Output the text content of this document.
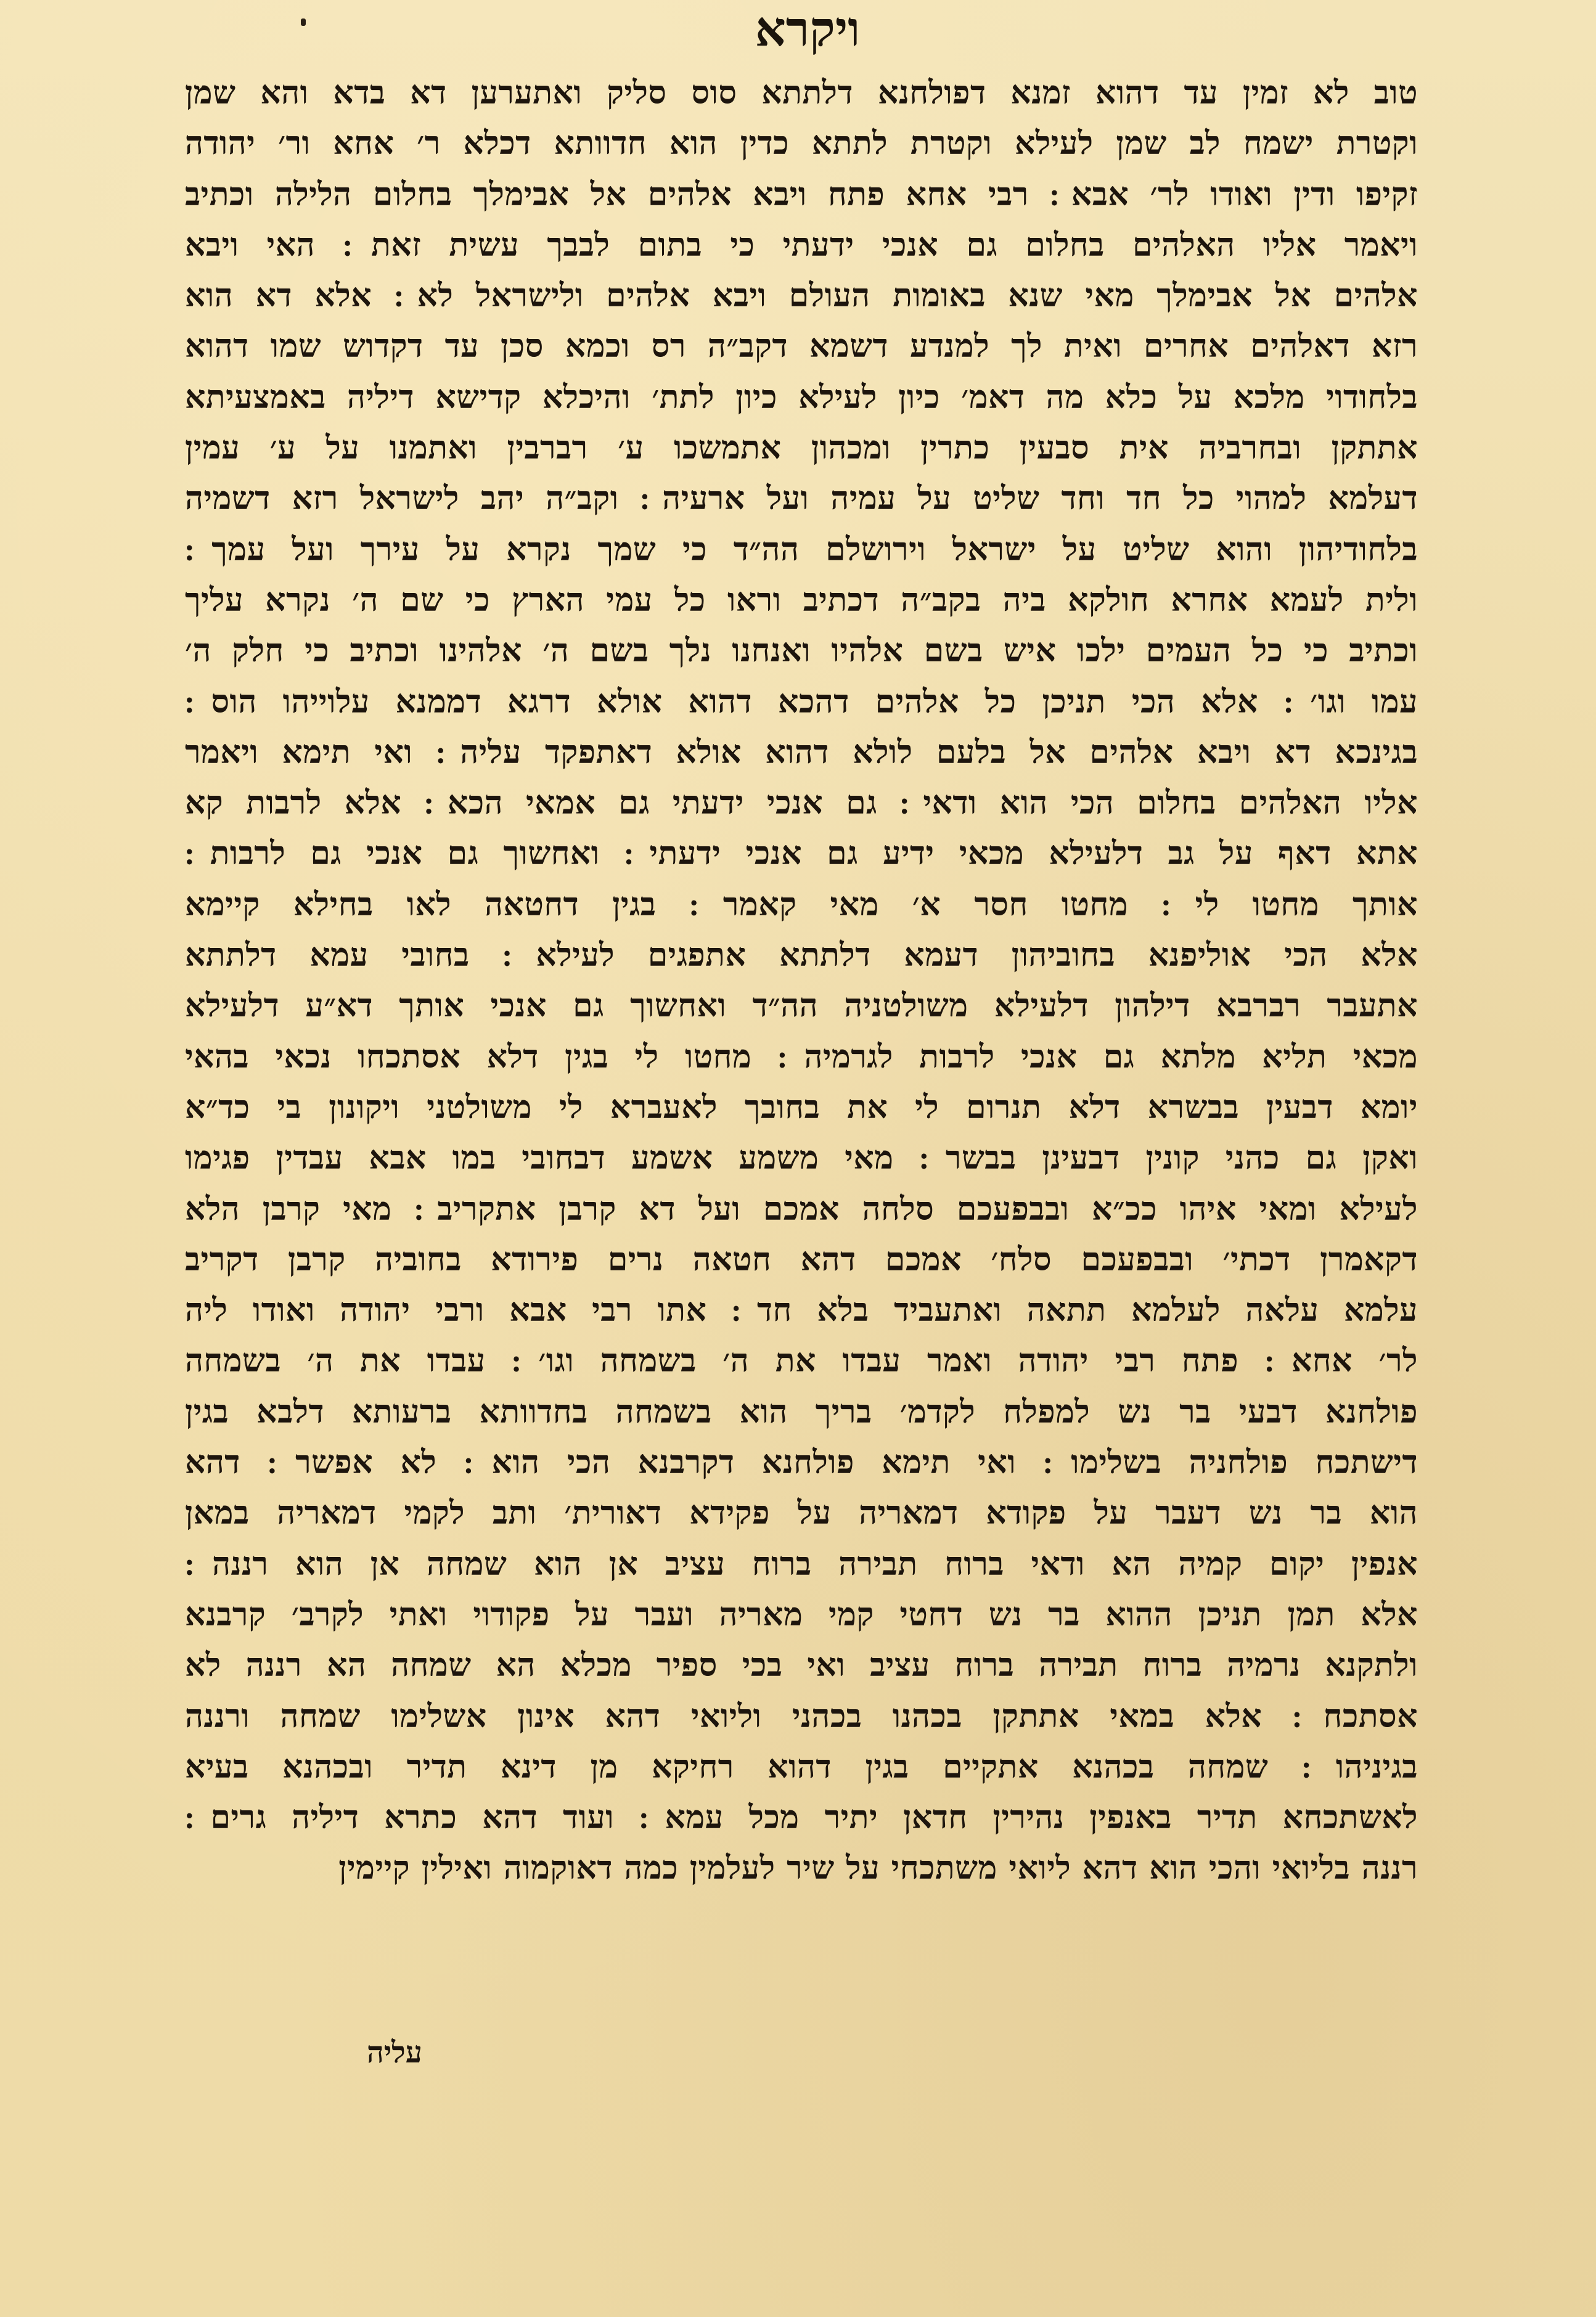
ויקרא
טוב לא זמין עד דהוא זמנא דפולחנא דלתתא סוס סליק ואתערען דא בדא והא שמן
וקטרת ישמח לב שמן לעילא וקטרת לתתא כדין הוא חדוותא דכלא ר׳ אחא ור׳ יהודה
זקיפו ודין ואודו לר׳ אבא ׃ רבי אחא פתח ויבא אלהים אל אבימלך בחלום הלילה וכתיב
ויאמר אליו האלהים בחלום גם אנכי ידעתי כי בתום לבבך עשית זאת ׃ האי ויבא
אלהים אל אבימלך מאי שנא באומות העולם ויבא אלהים ולישראל לא ׃ אלא דא הוא
רזא דאלהים אחרים ואית לך למנדע דשמא דקב״ה רס וכמא סכן עד דקדוש שמו דהוא
בלחודוי מלכא על כלא מה דאמ׳ כיון לעילא כיון לתת׳ והיכלא קדישא דיליה באמצעיתא
אתתקן ובחרביה אית סבעין כתרין ומכהון אתמשכו ע׳ רברבין ואתמנו על ע׳ עמין
דעלמא למהוי כל חד וחד שליט על עמיה ועל ארעיה ׃ וקב״ה יהב לישראל רזא דשמיה
בלחודיהון והוא שליט על ישראל וירושלם הה״ד כי שמך נקרא על עירך ועל עמך ׃
ולית לעמא אחרא חולקא ביה בקב״ה דכתיב וראו כל עמי הארץ כי שם ה׳ נקרא עליך
וכתיב כי כל העמים ילכו איש בשם אלהיו ואנחנו נלך בשם ה׳ אלהינו וכתיב כי חלק ה׳
עמו וגו׳ ׃ אלא הכי תניכן כל אלהים דהכא דהוא אולא דרגא דממנא עלוייהו הוס ׃
בגינכא דא ויבא אלהים אל בלעם לולא דהוא אולא דאתפקד עליה ׃ ואי תימא ויאמר
אליו האלהים בחלום הכי הוא ודאי ׃ גם אנכי ידעתי גם אמאי הכא ׃ אלא לרבות קא
אתא דאף על גב דלעילא מכאי ידיע גם אנכי ידעתי ׃ ואחשוך גם אנכי גם לרבות ׃
אותך מחטו לי ׃ מחטו חסר א׳ מאי קאמר ׃ בגין דחטאה לאו בחילא קיימא
אלא הכי אוליפנא בחוביהון דעמא דלתתא אתפגים לעילא ׃ בחובי עמא דלתתא
אתעבר רברבא דילהון דלעילא משולטניה הה״ד ואחשוך גם אנכי אותך דא״ע דלעילא
מכאי תליא מלתא גם אנכי לרבות לגרמיה ׃ מחטו לי בגין דלא אסתכחו נכאי בהאי
יומא דבעין בבשרא דלא תנרום לי את בחובך לאעברא לי משולטני ויקונון בי כד״א
ואקן גם כהני קונין דבעינן בבשר ׃ מאי משמע אשמע דבחובי במו אבא עבדין פגימו
לעילא ומאי איהו ככ״א ובבפעכם סלחה אמכם ועל דא קרבן אתקריב ׃ מאי קרבן הלא
דקאמרן דכתי׳ ובבפעכם סלח׳ אמכם דהא חטאה נרים פירודא בחוביה קרבן דקריב
עלמא עלאה לעלמא תתאה ואתעביד בלא חד ׃ אתו רבי אבא ורבי יהודה ואודו ליה
לר׳ אחא ׃ פתח רבי יהודה ואמר עבדו את ה׳ בשמחה וגו׳ ׃ עבדו את ה׳ בשמחה
פולחנא דבעי בר נש למפלח לקדמ׳ בריך הוא בשמחה בחדוותא ברעותא דלבא בגין
דישתכח פולחניה בשלימו ׃ ואי תימא פולחנא דקרבנא הכי הוא ׃ לא אפשר ׃ דהא
הוא בר נש דעבר על פקודא דמאריה על פקידא דאורית׳ ותב לקמי דמאריה במאן
אנפין יקום קמיה הא ודאי ברוח תבירה ברוח עציב אן הוא שמחה אן הוא רננה ׃
אלא תמן תניכן ההוא בר נש דחטי קמי מאריה ועבר על פקודוי ואתי לקרב׳ קרבנא
ולתקנא נרמיה ברוח תבירה ברוח עציב ואי בכי ספיר מכלא הא שמחה הא רננה לא
אסתכח ׃ אלא במאי אתתקן בכהנו בכהני וליואי דהא אינון אשלימו שמחה ורננה
בגיניהו ׃ שמחה בכהנא אתקיים בגין דהוא רחיקא מן דינא תדיר ובכהנא בעיא
לאשתכחא תדיר באנפין נהירין חדאן יתיר מכל עמא ׃ ועוד דהא כתרא דיליה גרים ׃
רננה בליואי והכי הוא דהא ליואי משתכחי על שיר לעלמין כמה דאוקמוה ואילין קיימין
עליה
